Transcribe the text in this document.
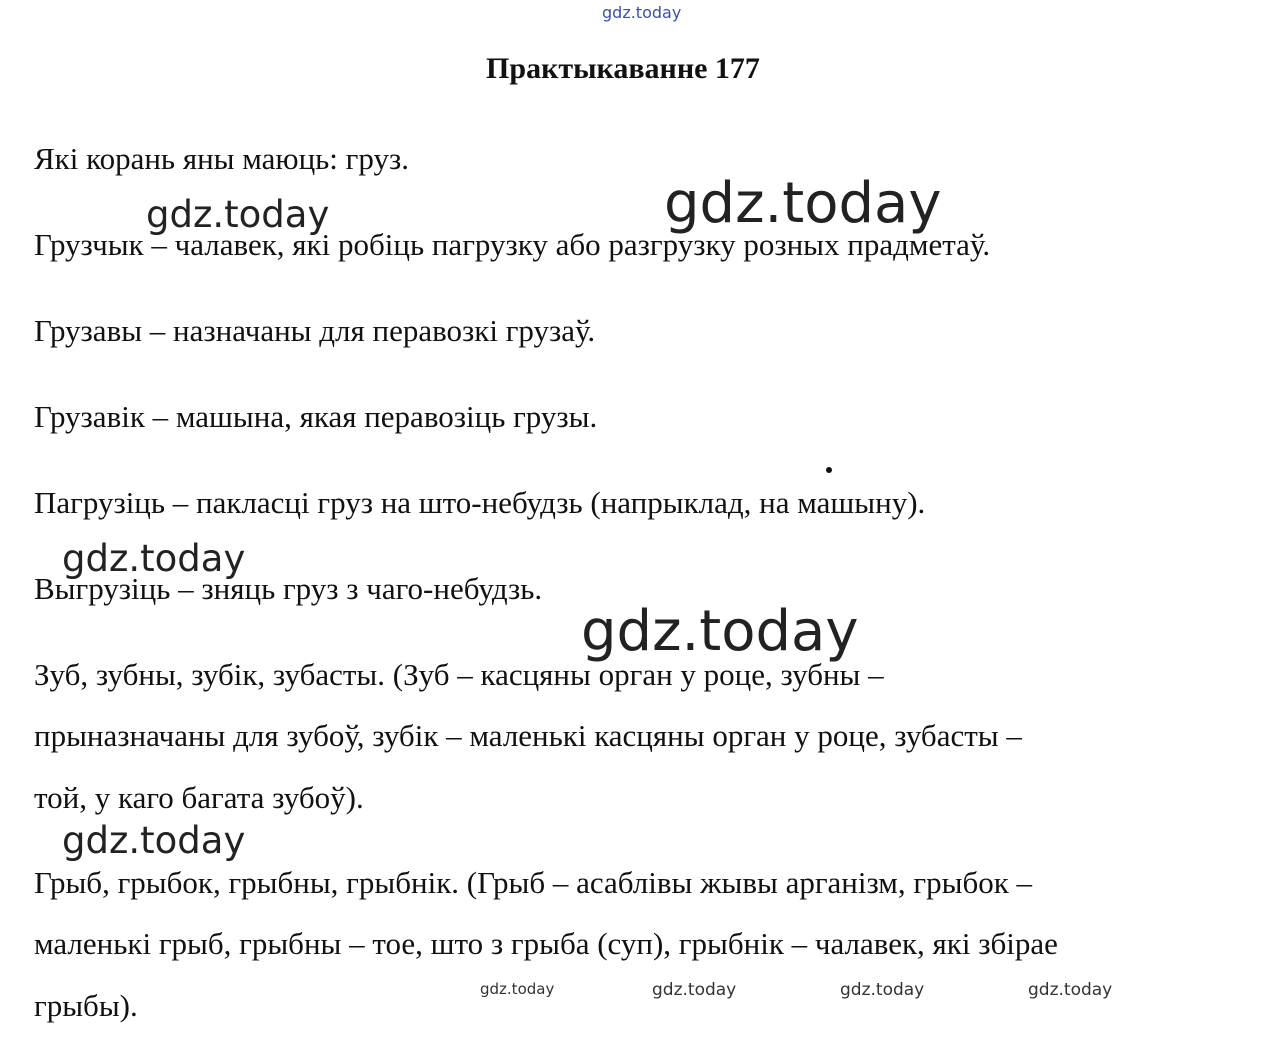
gdz.today
Практыкаванне 177
Які корань яны маюць: груз.
Грузчык – чалавек, які робіць пагрузку або разгрузку розных прадметаў.
Грузавы – назначаны для перавозкі грузаў.
Грузавік – машына, якая перавозіць грузы.
Пагрузіць – пакласці груз на што-небудзь (напрыклад, на машыну).
Выгрузіць – зняць груз з чаго-небудзь.
Зуб, зубны, зубік, зубасты. (Зуб – касцяны орган у роце, зубны –
прыназначаны для зубоў, зубік – маленькі касцяны орган у роце, зубасты –
той, у каго багата зубоў).
Грыб, грыбок, грыбны, грыбнік. (Грыб – асаблівы жывы арганізм, грыбок –
маленькі грыб, грыбны – тое, што з грыба (суп), грыбнік – чалавек, які збірае
грыбы).
gdz.today	gdz.today
gdz.today
gdz.today
gdz.today
gdz.today	gdz.today	gdz.today	gdz.today
